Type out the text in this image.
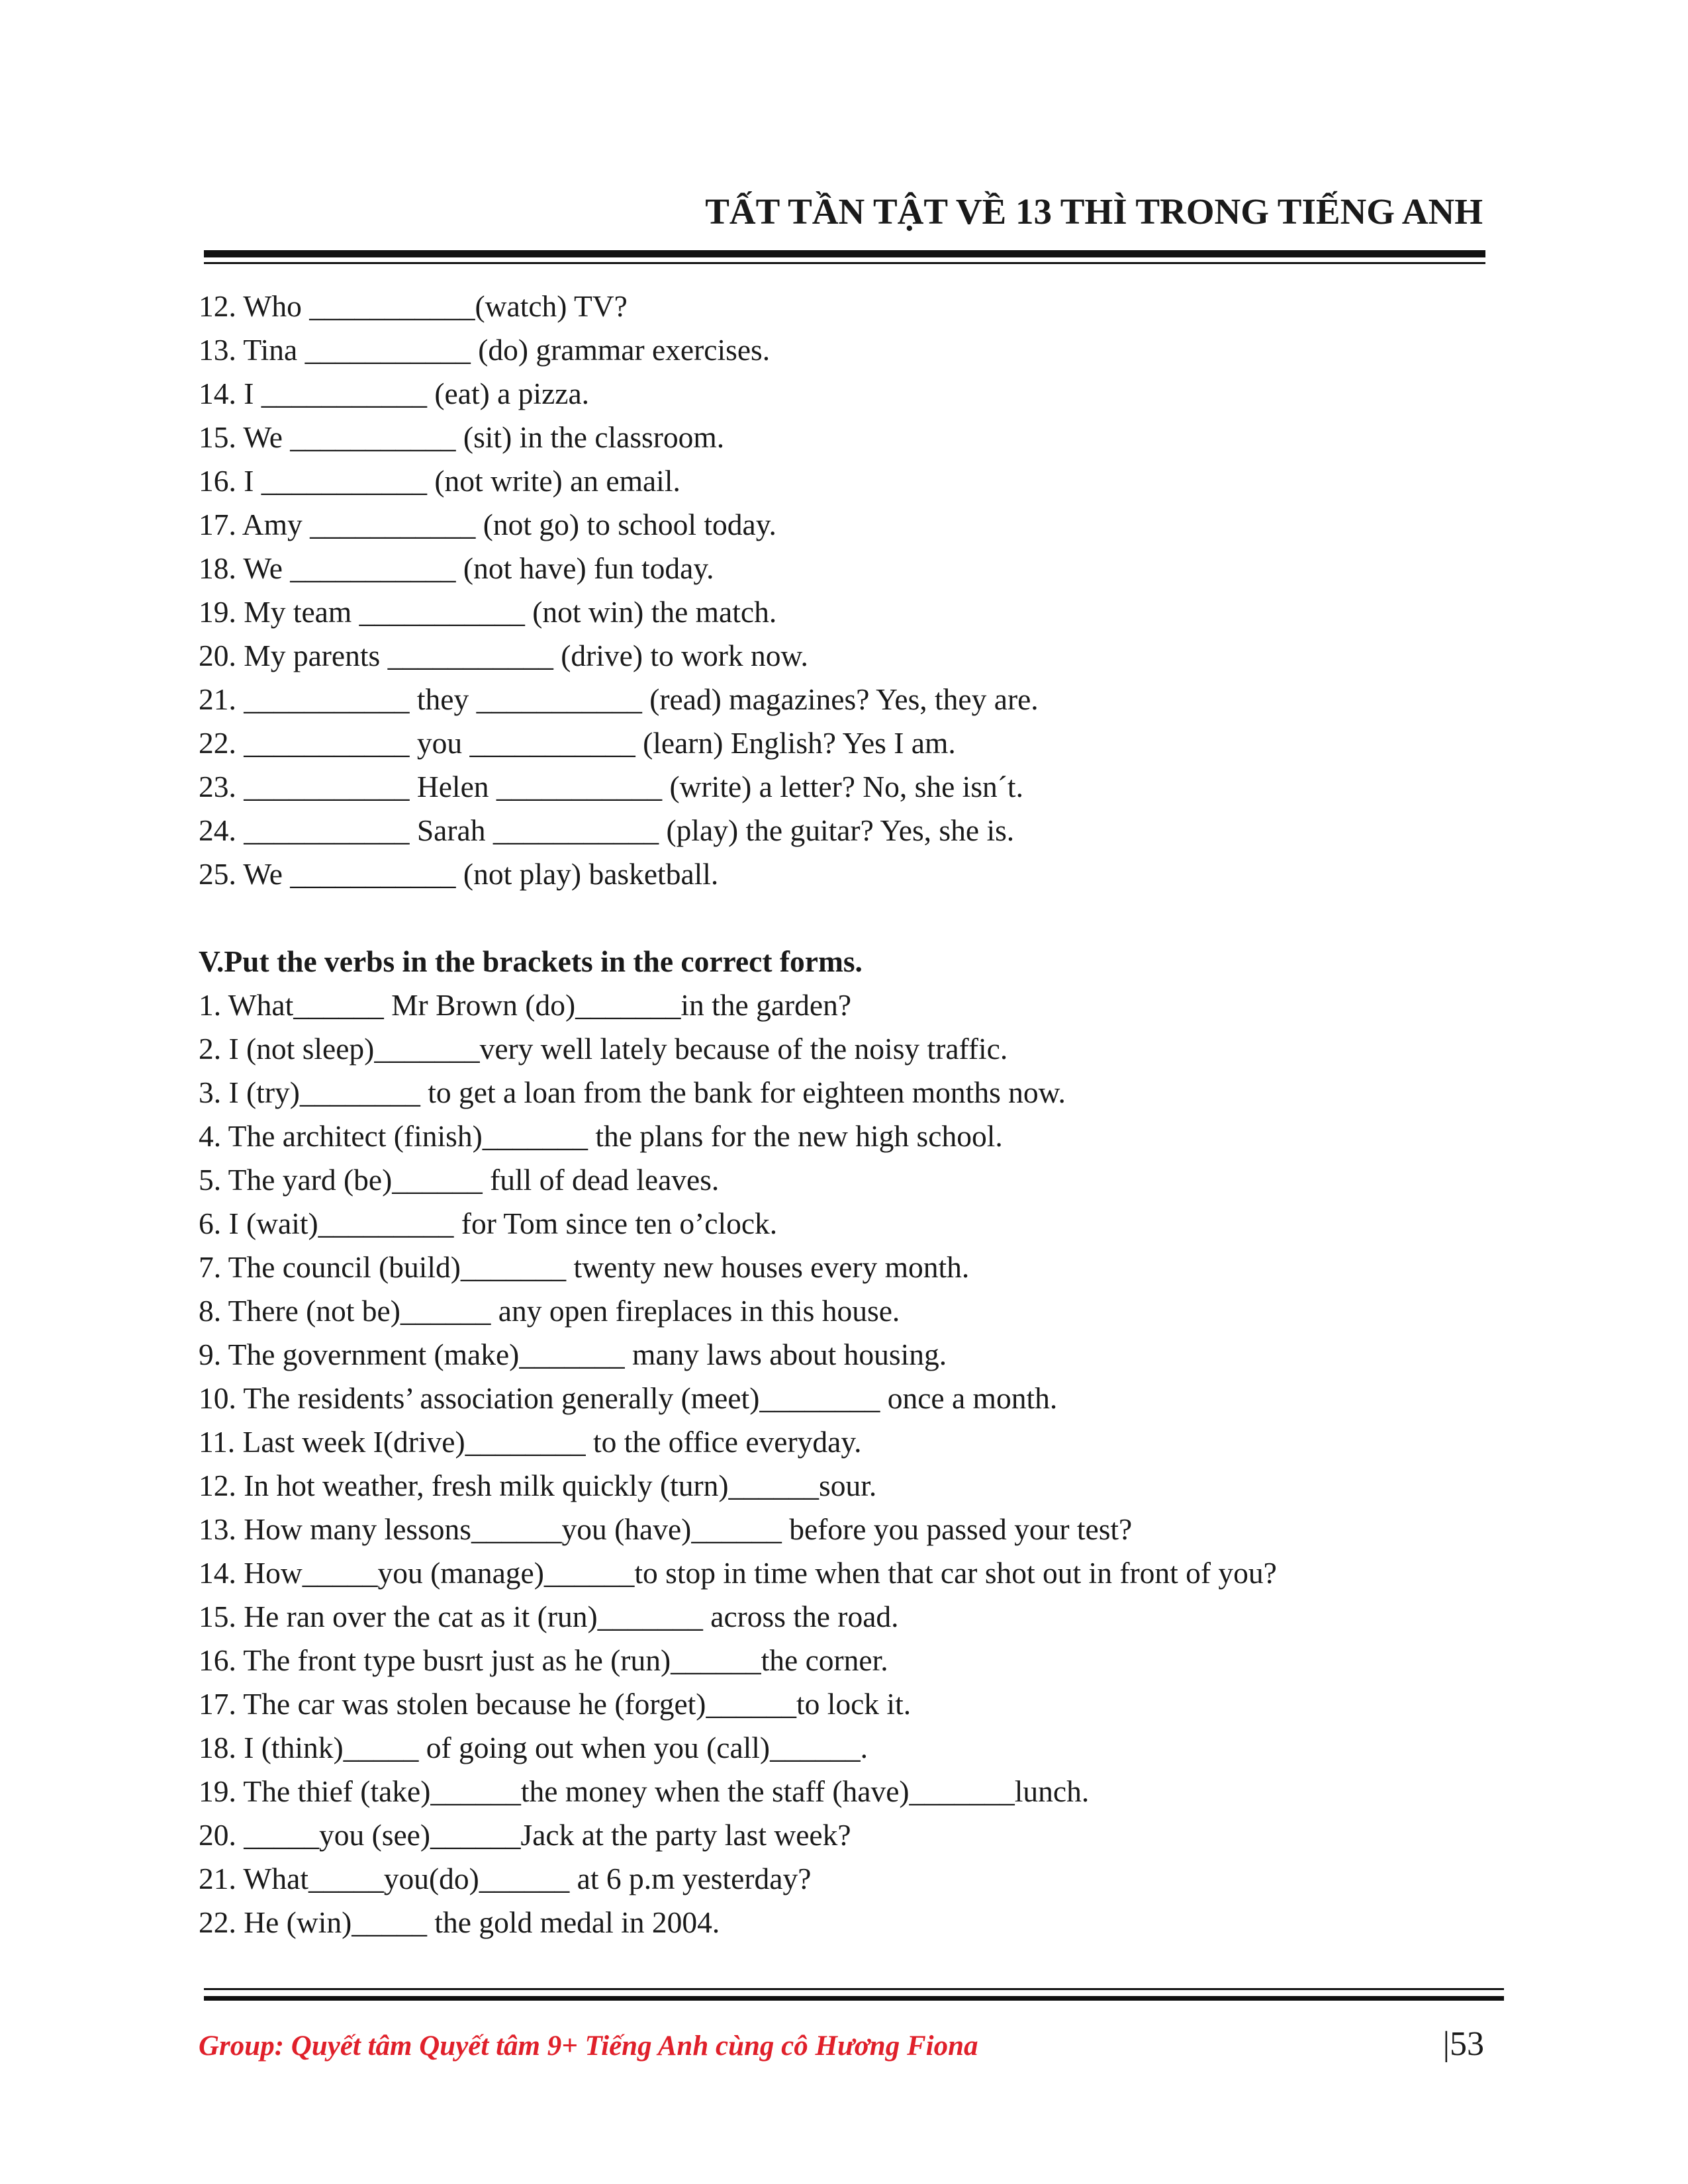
TẤT TẦN TẬT VỀ 13 THÌ TRONG TIẾNG ANH
12. Who ___________(watch) TV?
13. Tina ___________ (do) grammar exercises.
14. I ___________ (eat) a pizza.
15. We ___________ (sit) in the classroom.
16. I ___________ (not write) an email.
17. Amy ___________ (not go) to school today.
18. We ___________ (not have) fun today.
19. My team ___________ (not win) the match.
20. My parents ___________ (drive) to work now.
21. ___________ they ___________ (read) magazines? Yes, they are.
22. ___________ you ___________ (learn) English? Yes I am.
23. ___________ Helen ___________ (write) a letter? No, she isn´t.
24. ___________ Sarah ___________ (play) the guitar? Yes, she is.
25. We ___________ (not play) basketball.
V.Put the verbs in the brackets in the correct forms.
1. What______ Mr Brown (do)_______in the garden?
2. I (not sleep)_______very well lately because of the noisy traffic.
3. I (try)________ to get a loan from the bank for eighteen months now.
4. The architect (finish)_______ the plans for the new high school.
5. The yard (be)______ full of dead leaves.
6. I (wait)_________ for Tom since ten o’clock.
7. The council (build)_______ twenty new houses every month.
8. There (not be)______ any open fireplaces in this house.
9. The government (make)_______ many laws about housing.
10. The residents’ association generally (meet)________ once a month.
11. Last week I(drive)________ to the office everyday.
12. In hot weather, fresh milk quickly (turn)______sour.
13. How many lessons______you (have)______ before you passed your test?
14. How_____you (manage)______to stop in time when that car shot out in front of you?
15. He ran over the cat as it (run)_______ across the road.
16. The front type busrt just as he (run)______the corner.
17. The car was stolen because he (forget)______to lock it.
18. I (think)_____ of going out when you (call)______.
19. The thief (take)______the money when the staff (have)_______lunch.
20. _____you (see)______Jack at the party last week?
21. What_____you(do)______ at 6 p.m yesterday?
22. He (win)_____ the gold medal in 2004.
Group: Quyết tâm Quyết tâm 9+ Tiếng Anh cùng cô Hương Fiona	|53
